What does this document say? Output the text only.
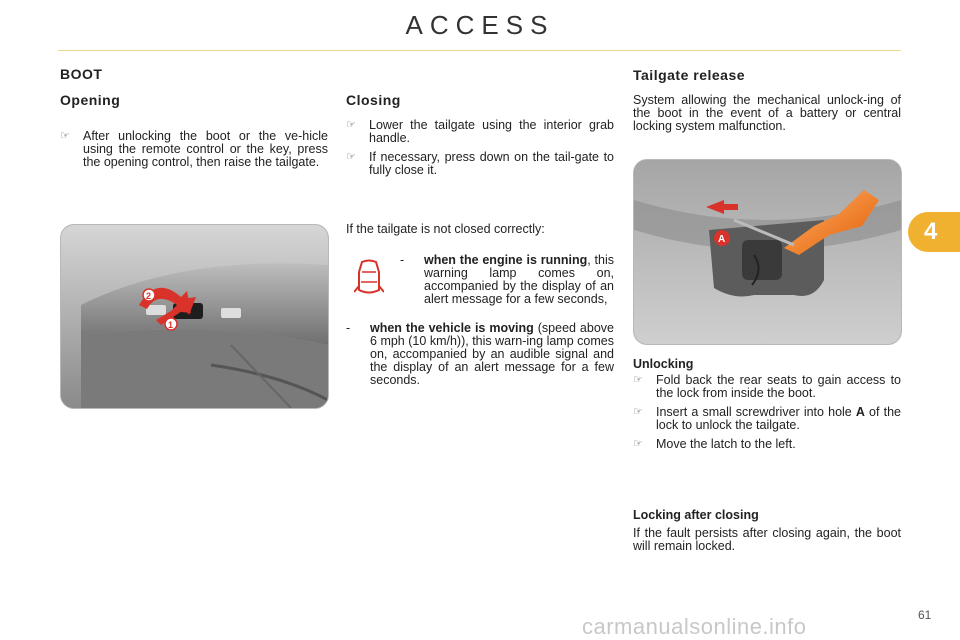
ACCESS
BOOT
Opening
☞ After unlocking the boot or the ve-hicle using the remote control or the key, press the opening control, then raise the tailgate.
1
2
Closing
☞ Lower the tailgate using the interior grab handle.
☞ If necessary, press down on the tail-gate to fully close it.
If the tailgate is not closed correctly:
- when the engine is running, this warning lamp comes on, accompanied by the display of an alert message for a few seconds,
- when the vehicle is moving (speed above 6 mph (10 km/h)), this warn-ing lamp comes on, accompanied by an audible signal and the display of an alert message for a few seconds.
Tailgate release
System allowing the mechanical unlock-ing of the boot in the event of a battery or central locking system malfunction.
A
Unlocking
☞ Fold back the rear seats to gain access to the lock from inside the boot.
☞ Insert a small screwdriver into hole A of the lock to unlock the tailgate.
☞ Move the latch to the left.
Locking after closing
If the fault persists after closing again, the boot will remain locked.
4
carmanualsonline.info	61
